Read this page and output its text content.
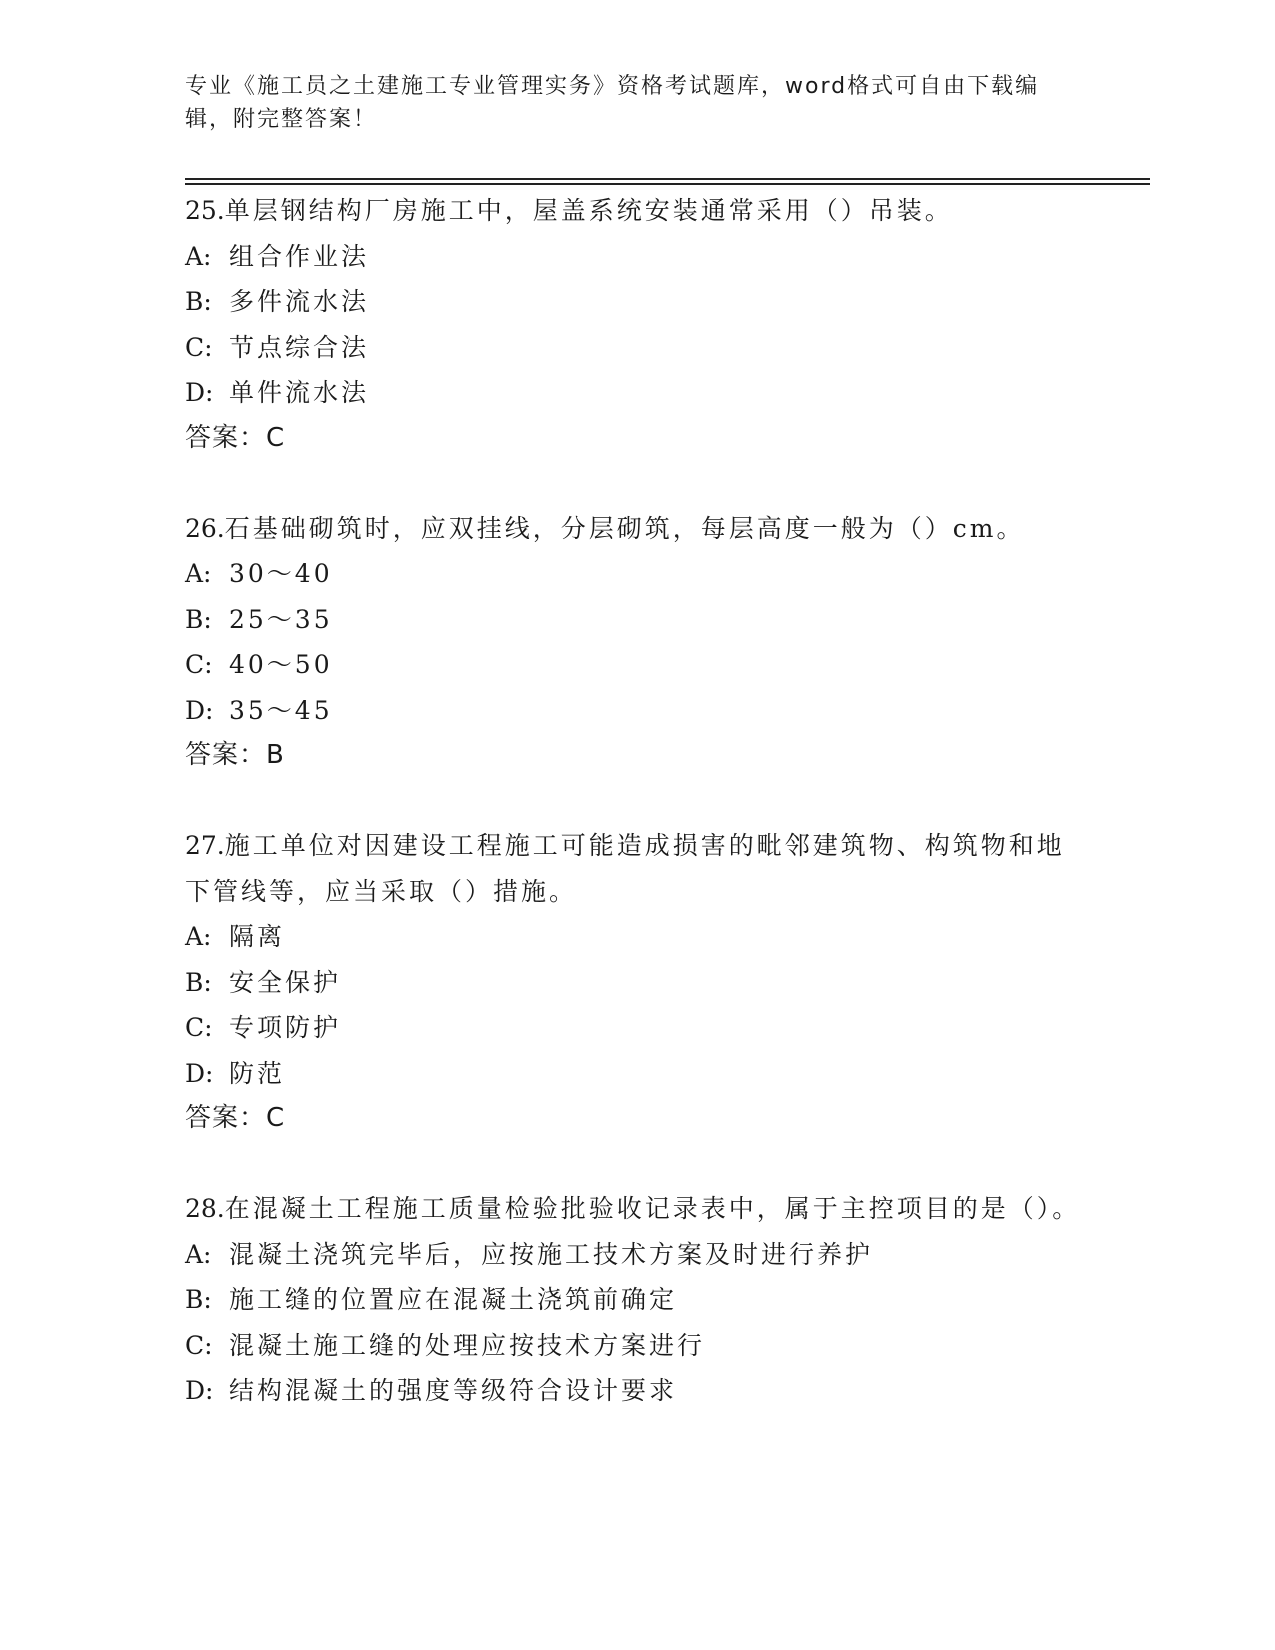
专业《施工员之土建施工专业管理实务》资格考试题库，word格式可自由下载编辑，附完整答案！
25.单层钢结构厂房施工中，屋盖系统安装通常采用（）吊装。
A: 组合作业法
B: 多件流水法
C: 节点综合法
D: 单件流水法
答案：C
26.石基础砌筑时，应双挂线，分层砌筑，每层高度一般为（）cm。
A: 30～40
B: 25～35
C: 40～50
D: 35～45
答案：B
27.施工单位对因建设工程施工可能造成损害的毗邻建筑物、构筑物和地下管线等，应当采取（）措施。
A: 隔离
B: 安全保护
C: 专项防护
D: 防范
答案：C
28.在混凝土工程施工质量检验批验收记录表中，属于主控项目的是（）。
A: 混凝土浇筑完毕后，应按施工技术方案及时进行养护
B: 施工缝的位置应在混凝土浇筑前确定
C: 混凝土施工缝的处理应按技术方案进行
D: 结构混凝土的强度等级符合设计要求
